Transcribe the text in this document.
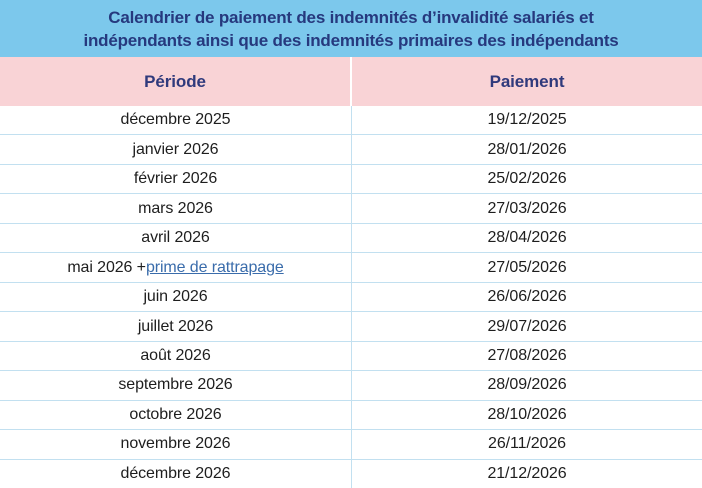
Calendrier de paiement des indemnités d’invalidité salariés et
indépendants ainsi que des indemnités primaires des indépendants
Période	Paiement
décembre 2025	19/12/2025
janvier 2026	28/01/2026
février 2026	25/02/2026
mars 2026	27/03/2026
avril 2026	28/04/2026
mai 2026 + prime de rattrapage	27/05/2026
juin 2026	26/06/2026
juillet 2026	29/07/2026
août 2026	27/08/2026
septembre 2026	28/09/2026
octobre 2026	28/10/2026
novembre 2026	26/11/2026
décembre 2026	21/12/2026
